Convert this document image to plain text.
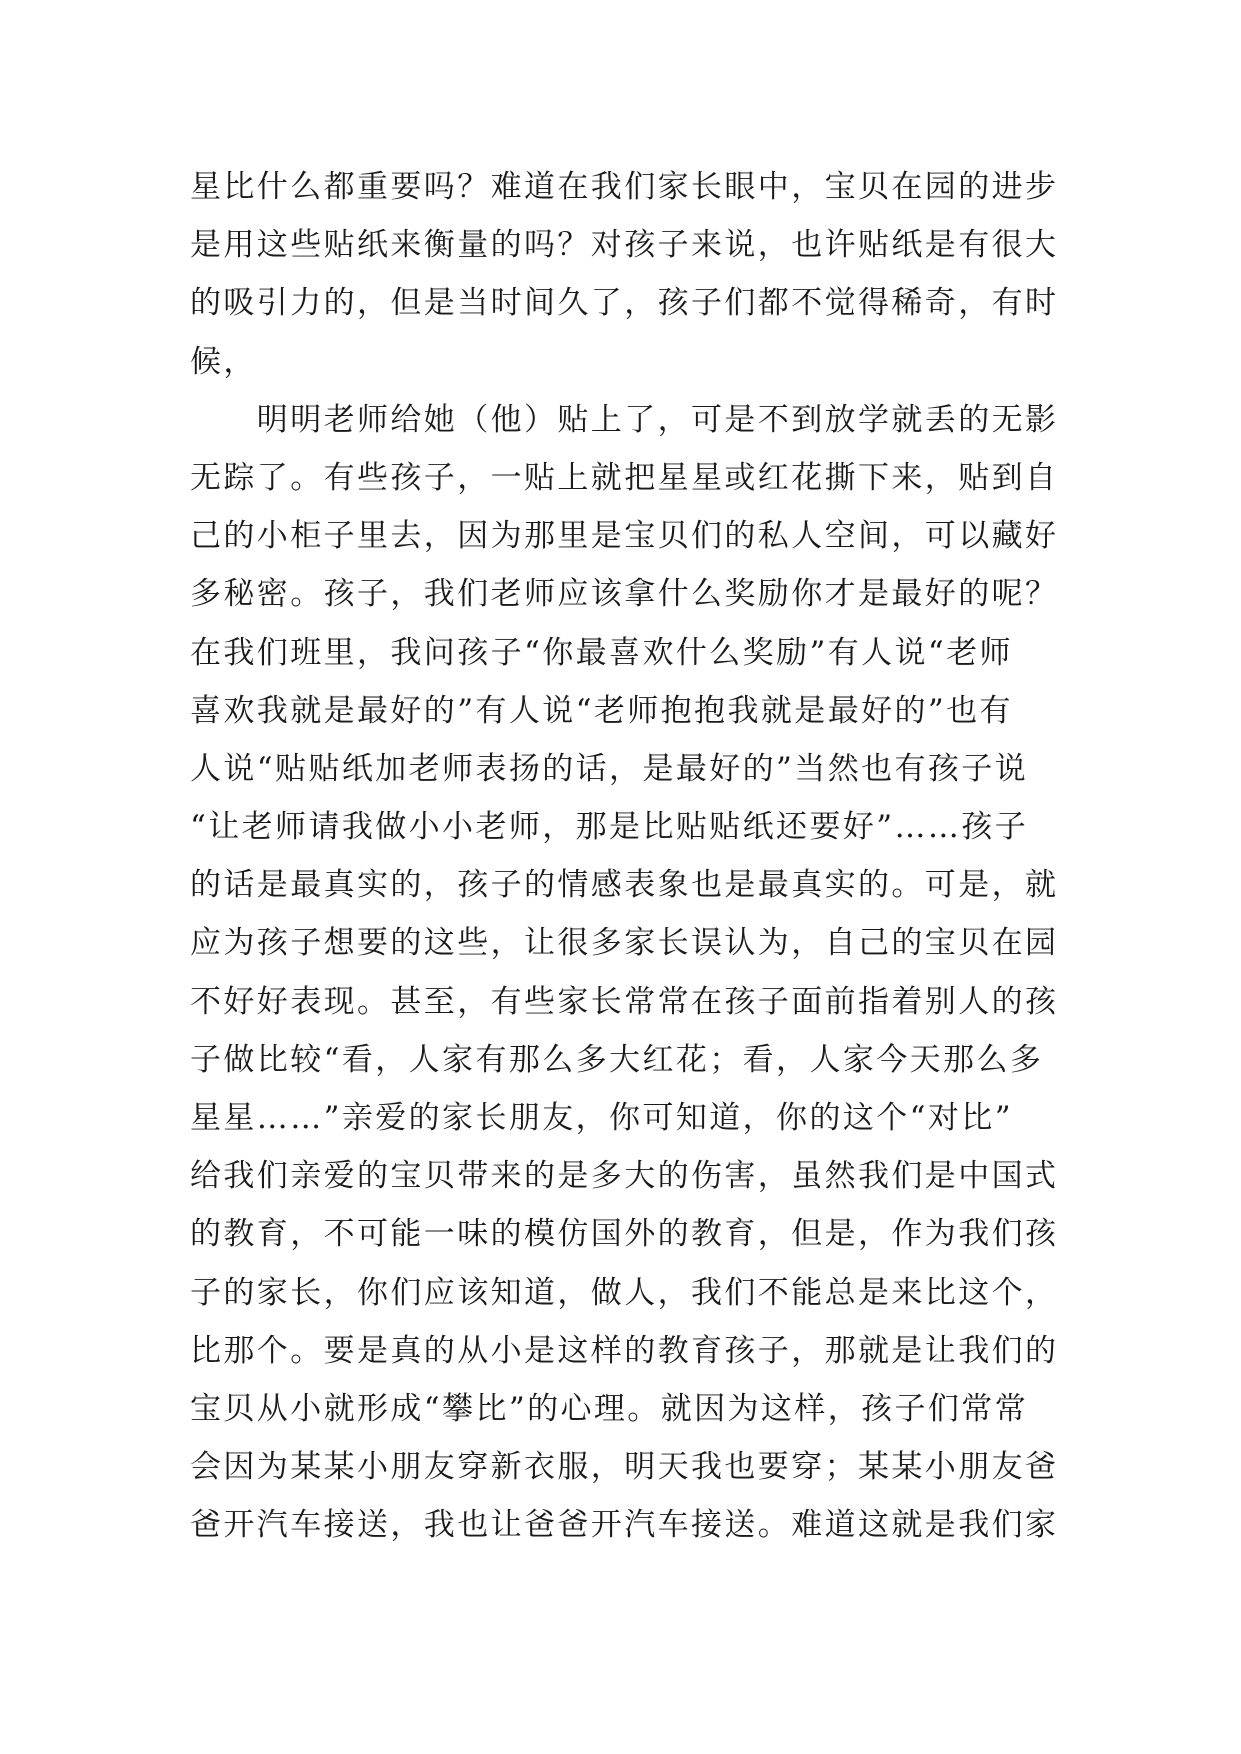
星比什么都重要吗？难道在我们家长眼中，宝贝在园的进步
是用这些贴纸来衡量的吗？对孩子来说，也许贴纸是有很大
的吸引力的，但是当时间久了，孩子们都不觉得稀奇，有时
候，
　　明明老师给她（他）贴上了，可是不到放学就丢的无影
无踪了。有些孩子，一贴上就把星星或红花撕下来，贴到自
己的小柜子里去，因为那里是宝贝们的私人空间，可以藏好
多秘密。孩子，我们老师应该拿什么奖励你才是最好的呢？
在我们班里，我问孩子“你最喜欢什么奖励”有人说“老师
喜欢我就是最好的”有人说“老师抱抱我就是最好的”也有
人说“贴贴纸加老师表扬的话，是最好的”当然也有孩子说
“让老师请我做小小老师，那是比贴贴纸还要好”……孩子
的话是最真实的，孩子的情感表象也是最真实的。可是，就
应为孩子想要的这些，让很多家长误认为，自己的宝贝在园
不好好表现。甚至，有些家长常常在孩子面前指着别人的孩
子做比较“看，人家有那么多大红花；看，人家今天那么多
星星……”亲爱的家长朋友，你可知道，你的这个“对比”
给我们亲爱的宝贝带来的是多大的伤害，虽然我们是中国式
的教育，不可能一味的模仿国外的教育，但是，作为我们孩
子的家长，你们应该知道，做人，我们不能总是来比这个，
比那个。要是真的从小是这样的教育孩子，那就是让我们的
宝贝从小就形成“攀比”的心理。就因为这样，孩子们常常
会因为某某小朋友穿新衣服，明天我也要穿；某某小朋友爸
爸开汽车接送，我也让爸爸开汽车接送。难道这就是我们家
